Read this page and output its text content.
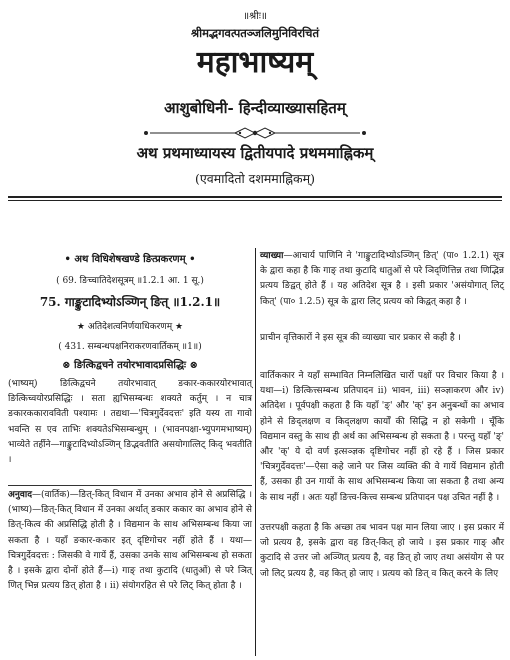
॥श्रीः॥
श्रीमद्भगवत्पतञ्जलिमुनिविरचितं
महाभाष्यम्
आशुबोधिनी- हिन्दीव्याख्यासहितम्
अथ प्रथमाध्यायस्य द्वितीयपादे प्रथममाह्निकम्
(एवमादितो दशममाह्निकम्)
• अथ विधिशेषखण्डे ङित्प्रकरणम् •
( 69. ङिच्चातिदेशसूत्रम् ॥1.2.1 आ. 1 सू.)
75. गाङ्कुटादिभ्योऽञ्णिन् ङित् ॥1.2.1॥
★ अतिदेशत्वनिर्णयाधिकरणम् ★
( 431. सम्बन्धपक्षनिराकरणवार्तिकम् ॥1॥)
⊗ ङित्किद्वचने तयोरभावादप्रसिद्धिः ⊗

(भाष्यम्) ङित्किद्वचने तयोरभावात् ङकार-ककारयोरभावात् ङित्किच्वयोरप्रसिद्धिः । सता ह्यभिसम्बन्धः शक्यते कर्तुम् । न चात्र ङकारककारावविती पश्यामः । तद्यथा—'चित्रगुर्देवदत्तः' इति यस्य ता गावो भवन्ति स एव ताभिः शक्यतेऽभिसम्बन्धुम् । (भावनपक्षा-भ्युपगमभाष्यम्) भाव्येते तर्हीने—गाङ्कुटादिभ्योऽञ्णिन् ङिद्भवतीति असयोगात्लिट् किद् भवतीति ।

अनुवाद—(वार्तिक)—ङित्-कित् विधान में उनका अभाव होने से अप्रसिद्धि । (भाष्य)—ङित्-कित् विधान में उनका अर्थात् ङकार ककार का अभाव होने से ङित्-कित्व की अप्रसिद्धि होती है । विद्यमान के साथ अभिसम्बन्ध किया जा सकता है । यहाँ ङकार-ककार इत् दृष्टिगोचर नहीं होते हैं । यथा—चित्रगुर्देवदत्तः : जिसकी वे गायें हैं, उसका उनके साथ अभिसम्बन्ध हो सकता है । इसके द्वारा दोनों होते हैं—i) गाङ् तथा कुटादि (धातुओं) से परे ञित् णित् भिन्न प्रत्यय ङित् होता है । ii) संयोगरहित से परे लिट् कित् होता है ।

व्याख्या—आचार्य पाणिनि ने 'गाङ्कुटादिभ्योऽञ्णिन् ङित्' (पा० 1.2.1) सूत्र के द्वारा कहा है कि गाङ् तथा कुटादि धातुओं से परे ञिद्णित्तिन्न तथा णिद्भिन्न प्रत्यय ङिद्वत् होते हैं । यह अतिदेश सूत्र है । इसी प्रकार 'असंयोगात् लिट् कित्' (पा० 1.2.5) सूत्र के द्वारा लिट् प्रत्यय को किद्वत् कहा है ।

प्राचीन वृत्तिकारों ने इस सूत्र की व्याख्या चार प्रकार से कही है ।

वार्तिककार ने यहाँ सम्भावित निम्नलिखित चारों पक्षों पर विचार किया है । यथा—i) ङित्कित्त्सम्बन्ध प्रतिपादन ii) भावन, iii) सञ्ज्ञाकरण और iv) अतिदेश । पूर्वपक्षी कहता है कि यहाँ 'ङ्' और 'क्' इन अनुबन्धों का अभाव होने से ङिद्लक्षण व किद्लक्षण कार्यों की सिद्धि न हो सकेगी । चूँकि विद्यमान वस्तु के साथ ही अर्थ का अभिसम्बन्ध हो सकता है । परन्तु यहाँ 'ङ्' और 'क्' ये दो वर्ण इत्सञ्ज्ञक दृष्टिगोचर नहीं हो रहे हैं । जिस प्रकार 'चित्रगुर्देवदत्तः'—ऐसा कहे जाने पर जिस व्यक्ति की वे गायें विद्यमान होती हैं, उसका ही उन गायों के साथ अभिसम्बन्ध किया जा सकता है तथा अन्य के साथ नहीं । अतः यहाँ ङित्त्व-कित्त्व सम्बन्ध प्रतिपादन पक्ष उचित नहीं है ।

उत्तरपक्षी कहता है कि अच्छा तब भावन पक्ष मान लिया जाए । इस प्रकार में जो प्रत्यय है, इसके द्वारा वह ङित्-कित् हो जाये । इस प्रकार गाङ् और कुटादि से उत्तर जो अञ्णित् प्रत्यय है, वह ङित् हो जाए तथा असंयोग से पर जो लिट् प्रत्यय है, वह कित् हो जाए । प्रत्यय को ङित् व कित् करने के लिए
